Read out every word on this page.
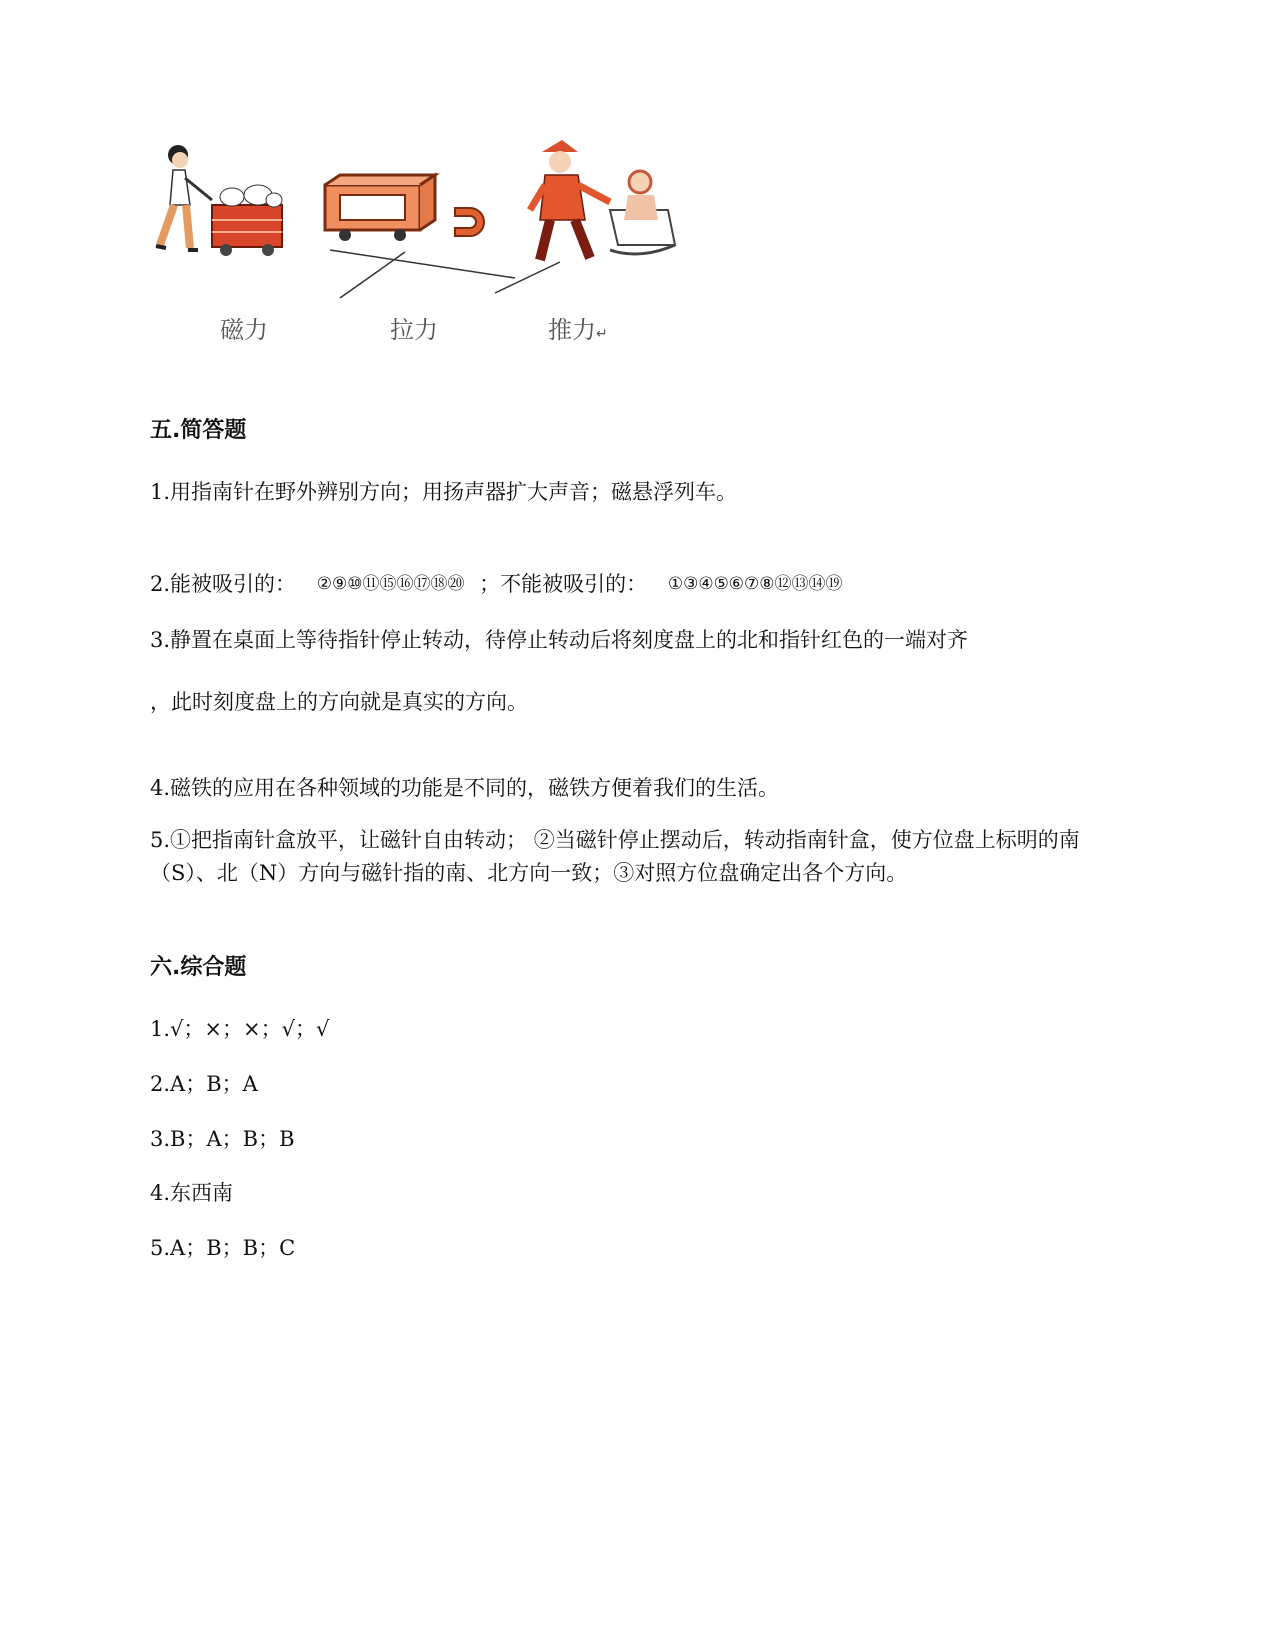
磁力	拉力	推力↵
五.简答题
1.用指南针在野外辨别方向；用扬声器扩大声音；磁悬浮列车。
2.能被吸引的： ②⑨⑩⑪⑮⑯⑰⑱⑳ ；不能被吸引的： ①③④⑤⑥⑦⑧⑫⑬⑭⑲
3.静置在桌面上等待指针停止转动，待停止转动后将刻度盘上的北和指针红色的一端对齐
，此时刻度盘上的方向就是真实的方向。
4.磁铁的应用在各种领域的功能是不同的，磁铁方便着我们的生活。
5.①把指南针盒放平，让磁针自由转动； ②当磁针停止摆动后，转动指南针盒，使方位盘上标明的南（S）、北（N）方向与磁针指的南、北方向一致；③对照方位盘确定出各个方向。
六.综合题
1.√；×；×；√；√
2.A；B；A
3.B；A；B；B
4.东西南
5.A；B；B；C
